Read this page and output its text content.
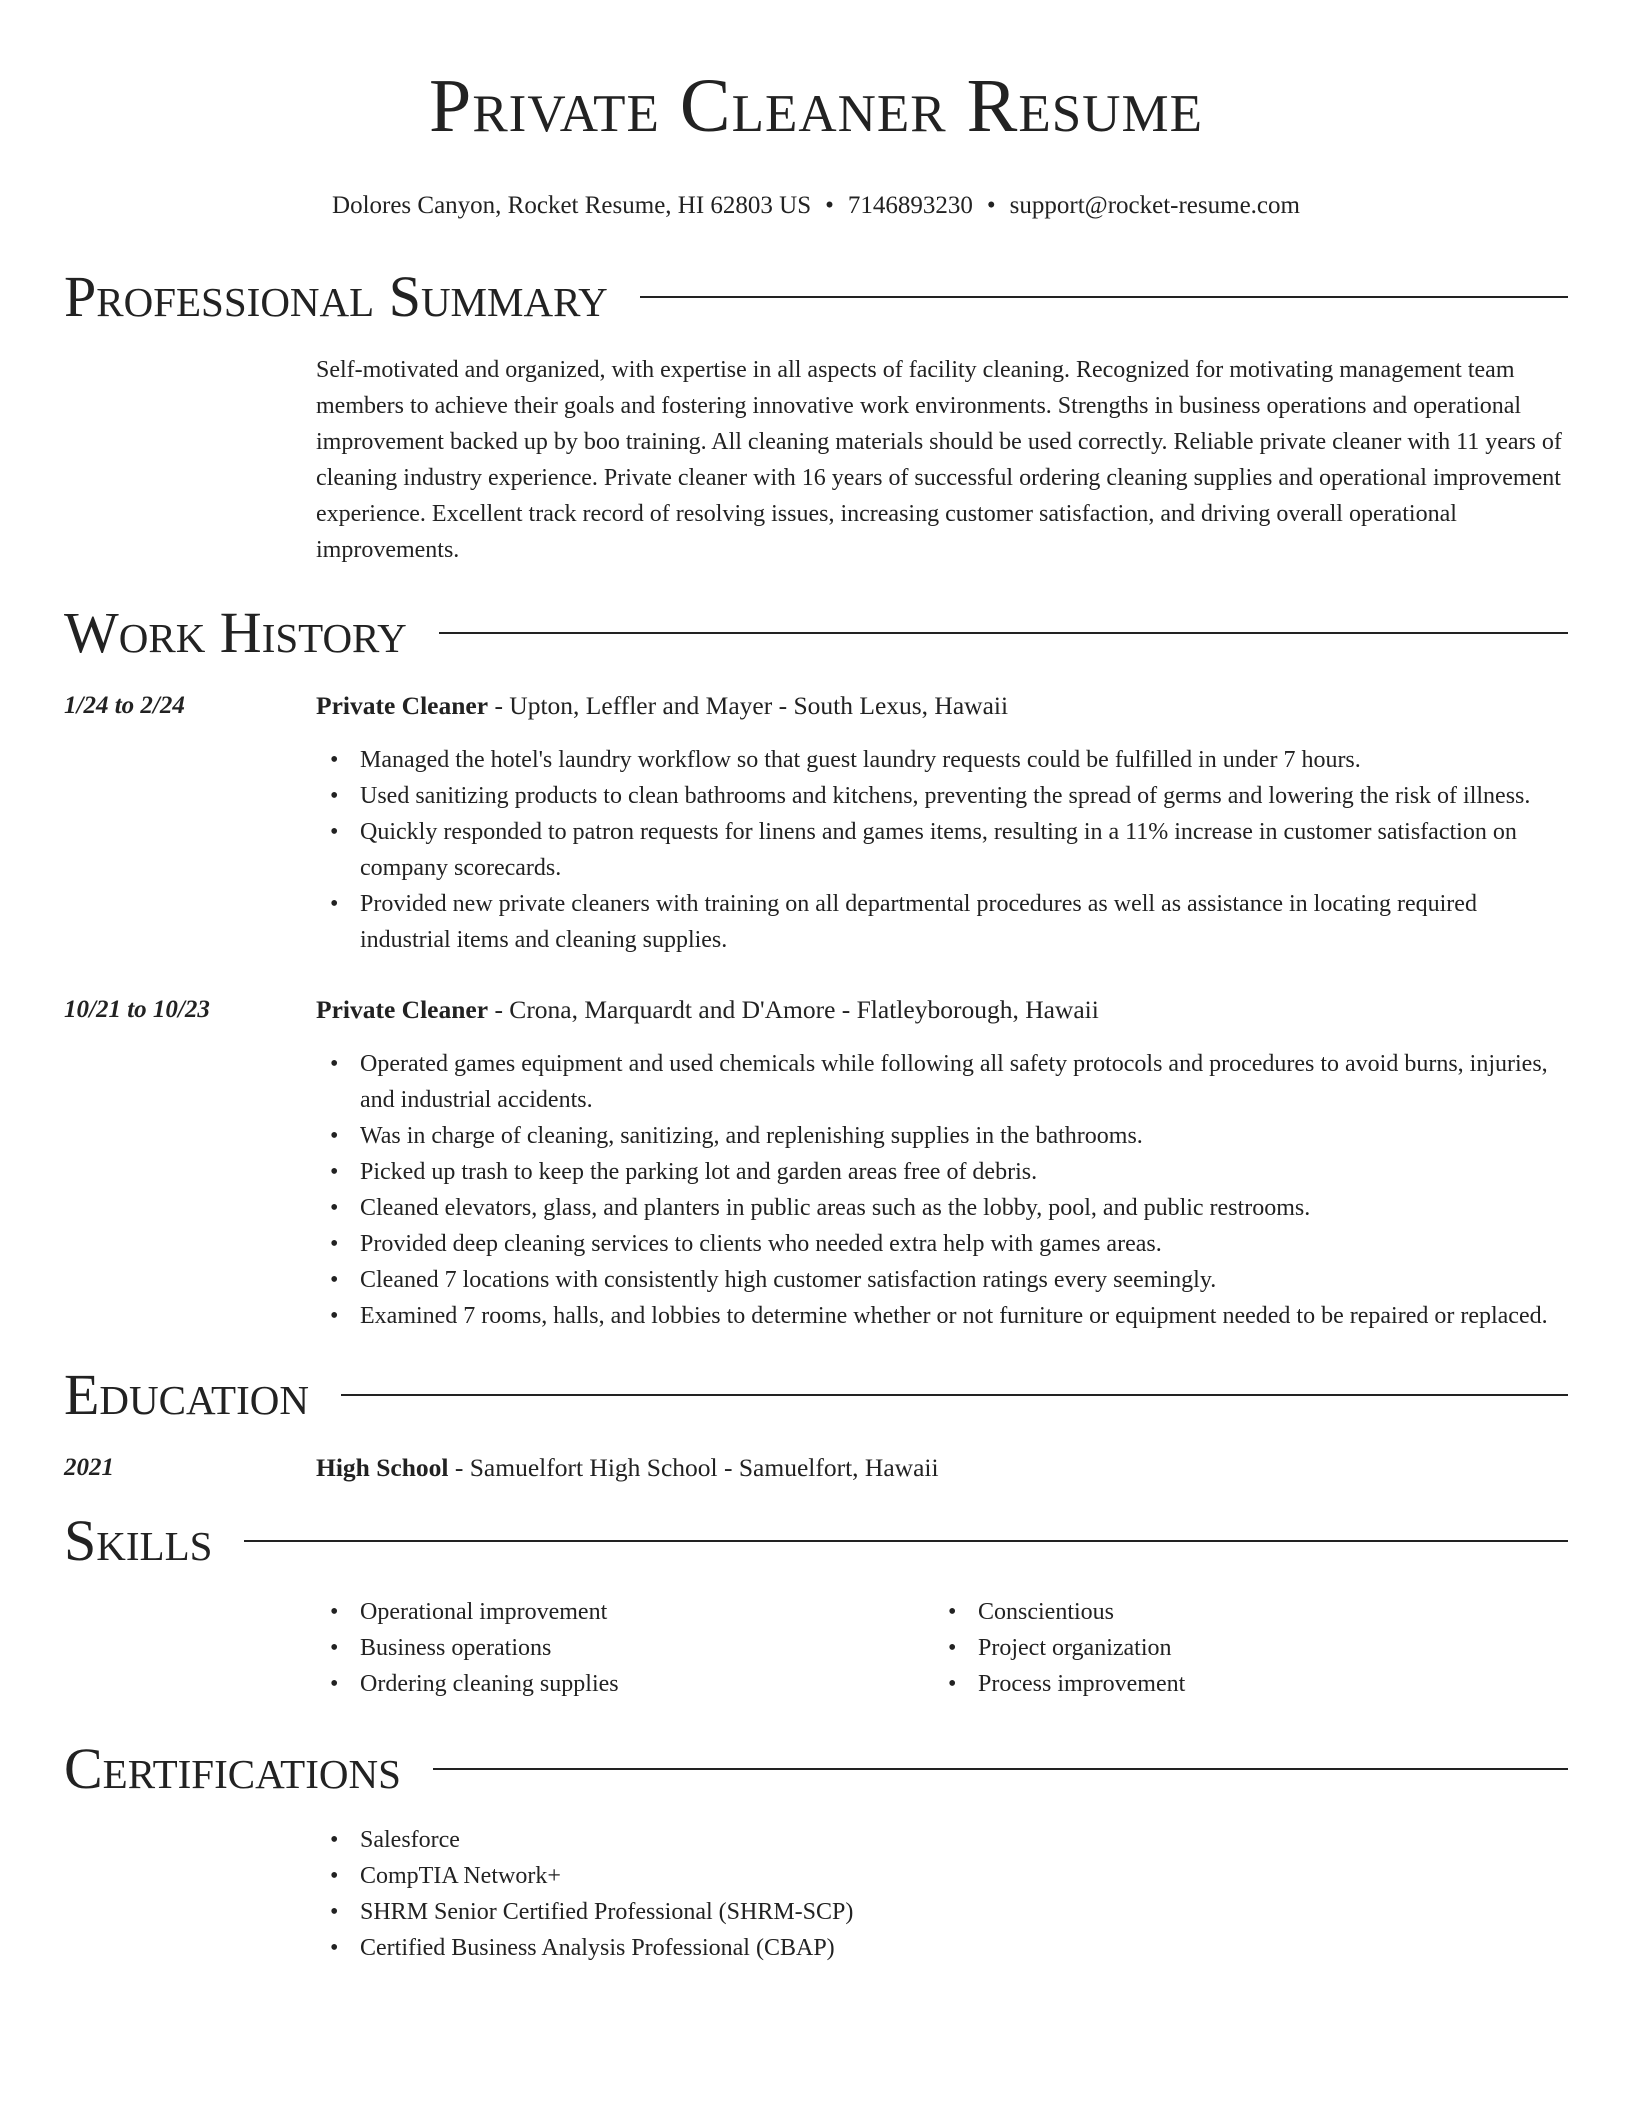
Private Cleaner Resume
Dolores Canyon, Rocket Resume, HI 62803 US • 7146893230 • support@rocket-resume.com
Professional Summary
Self-motivated and organized, with expertise in all aspects of facility cleaning. Recognized for motivating management team members to achieve their goals and fostering innovative work environments. Strengths in business operations and operational improvement backed up by boo training. All cleaning materials should be used correctly. Reliable private cleaner with 11 years of cleaning industry experience. Private cleaner with 16 years of successful ordering cleaning supplies and operational improvement experience. Excellent track record of resolving issues, increasing customer satisfaction, and driving overall operational improvements.
Work History
1/24 to 2/24	Private Cleaner - Upton, Leffler and Mayer - South Lexus, Hawaii
• Managed the hotel's laundry workflow so that guest laundry requests could be fulfilled in under 7 hours.
• Used sanitizing products to clean bathrooms and kitchens, preventing the spread of germs and lowering the risk of illness.
• Quickly responded to patron requests for linens and games items, resulting in a 11% increase in customer satisfaction on company scorecards.
• Provided new private cleaners with training on all departmental procedures as well as assistance in locating required industrial items and cleaning supplies.
10/21 to 10/23	Private Cleaner - Crona, Marquardt and D'Amore - Flatleyborough, Hawaii
• Operated games equipment and used chemicals while following all safety protocols and procedures to avoid burns, injuries, and industrial accidents.
• Was in charge of cleaning, sanitizing, and replenishing supplies in the bathrooms.
• Picked up trash to keep the parking lot and garden areas free of debris.
• Cleaned elevators, glass, and planters in public areas such as the lobby, pool, and public restrooms.
• Provided deep cleaning services to clients who needed extra help with games areas.
• Cleaned 7 locations with consistently high customer satisfaction ratings every seemingly.
• Examined 7 rooms, halls, and lobbies to determine whether or not furniture or equipment needed to be repaired or replaced.
Education
2021	High School - Samuelfort High School - Samuelfort, Hawaii
Skills
• Operational improvement
• Business operations
• Ordering cleaning supplies
• Conscientious
• Project organization
• Process improvement
Certifications
• Salesforce
• CompTIA Network+
• SHRM Senior Certified Professional (SHRM-SCP)
• Certified Business Analysis Professional (CBAP)
